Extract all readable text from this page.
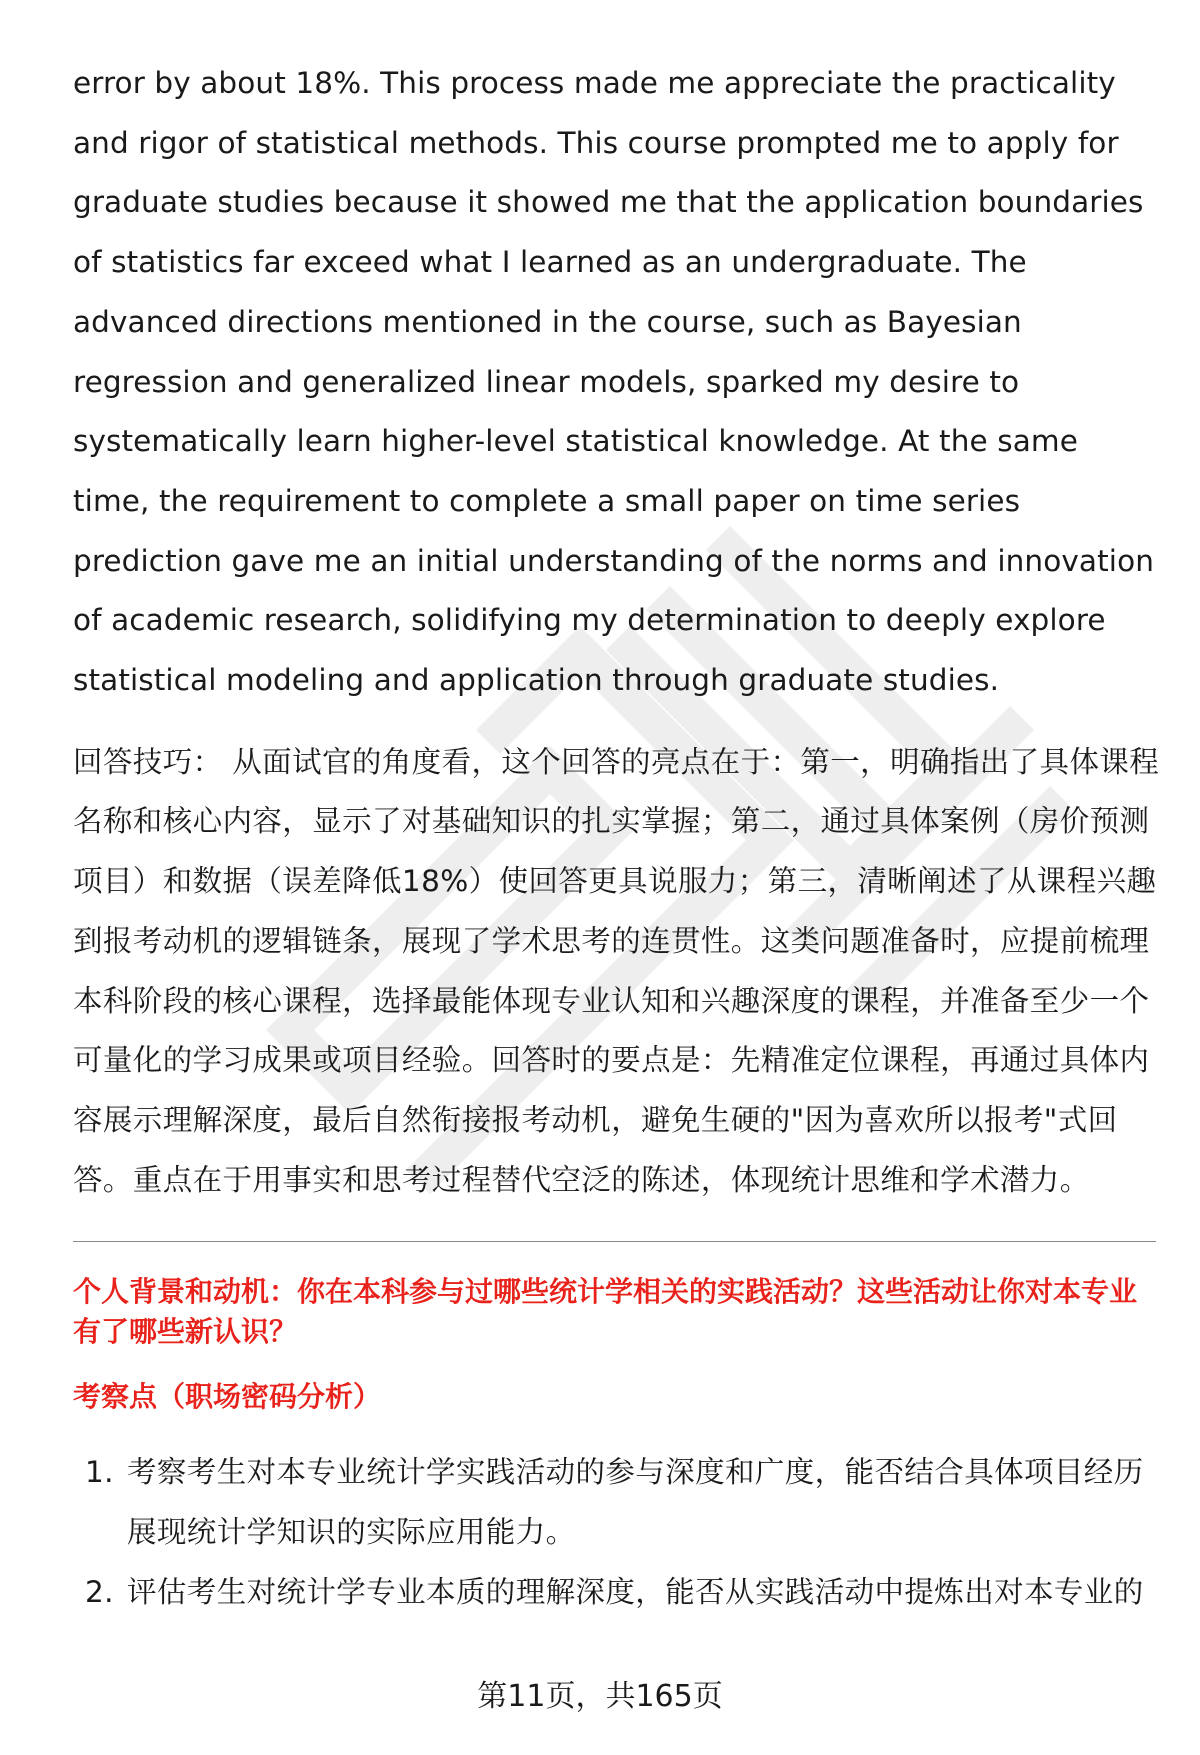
error by about 18%. This process made me appreciate the practicality and rigor of statistical methods. This course prompted me to apply for graduate studies because it showed me that the application boundaries of statistics far exceed what I learned as an undergraduate. The advanced directions mentioned in the course, such as Bayesian regression and generalized linear models, sparked my desire to systematically learn higher-level statistical knowledge. At the same time, the requirement to complete a small paper on time series prediction gave me an initial understanding of the norms and innovation of academic research, solidifying my determination to deeply explore statistical modeling and application through graduate studies.

回答技巧： 从面试官的角度看，这个回答的亮点在于：第一，明确指出了具体课程名称和核心内容，显示了对基础知识的扎实掌握；第二，通过具体案例（房价预测项目）和数据（误差降低18%）使回答更具说服力；第三，清晰阐述了从课程兴趣到报考动机的逻辑链条，展现了学术思考的连贯性。这类问题准备时，应提前梳理本科阶段的核心课程，选择最能体现专业认知和兴趣深度的课程，并准备至少一个可量化的学习成果或项目经验。回答时的要点是：先精准定位课程，再通过具体内容展示理解深度，最后自然衔接报考动机，避免生硬的"因为喜欢所以报考"式回答。重点在于用事实和思考过程替代空泛的陈述，体现统计思维和学术潜力。

个人背景和动机：你在本科参与过哪些统计学相关的实践活动？这些活动让你对本专业有了哪些新认识？

考察点（职场密码分析）

1. 考察考生对本专业统计学实践活动的参与深度和广度，能否结合具体项目经历展现统计学知识的实际应用能力。
2. 评估考生对统计学专业本质的理解深度，能否从实践活动中提炼出对本专业的
第11页，共165页
